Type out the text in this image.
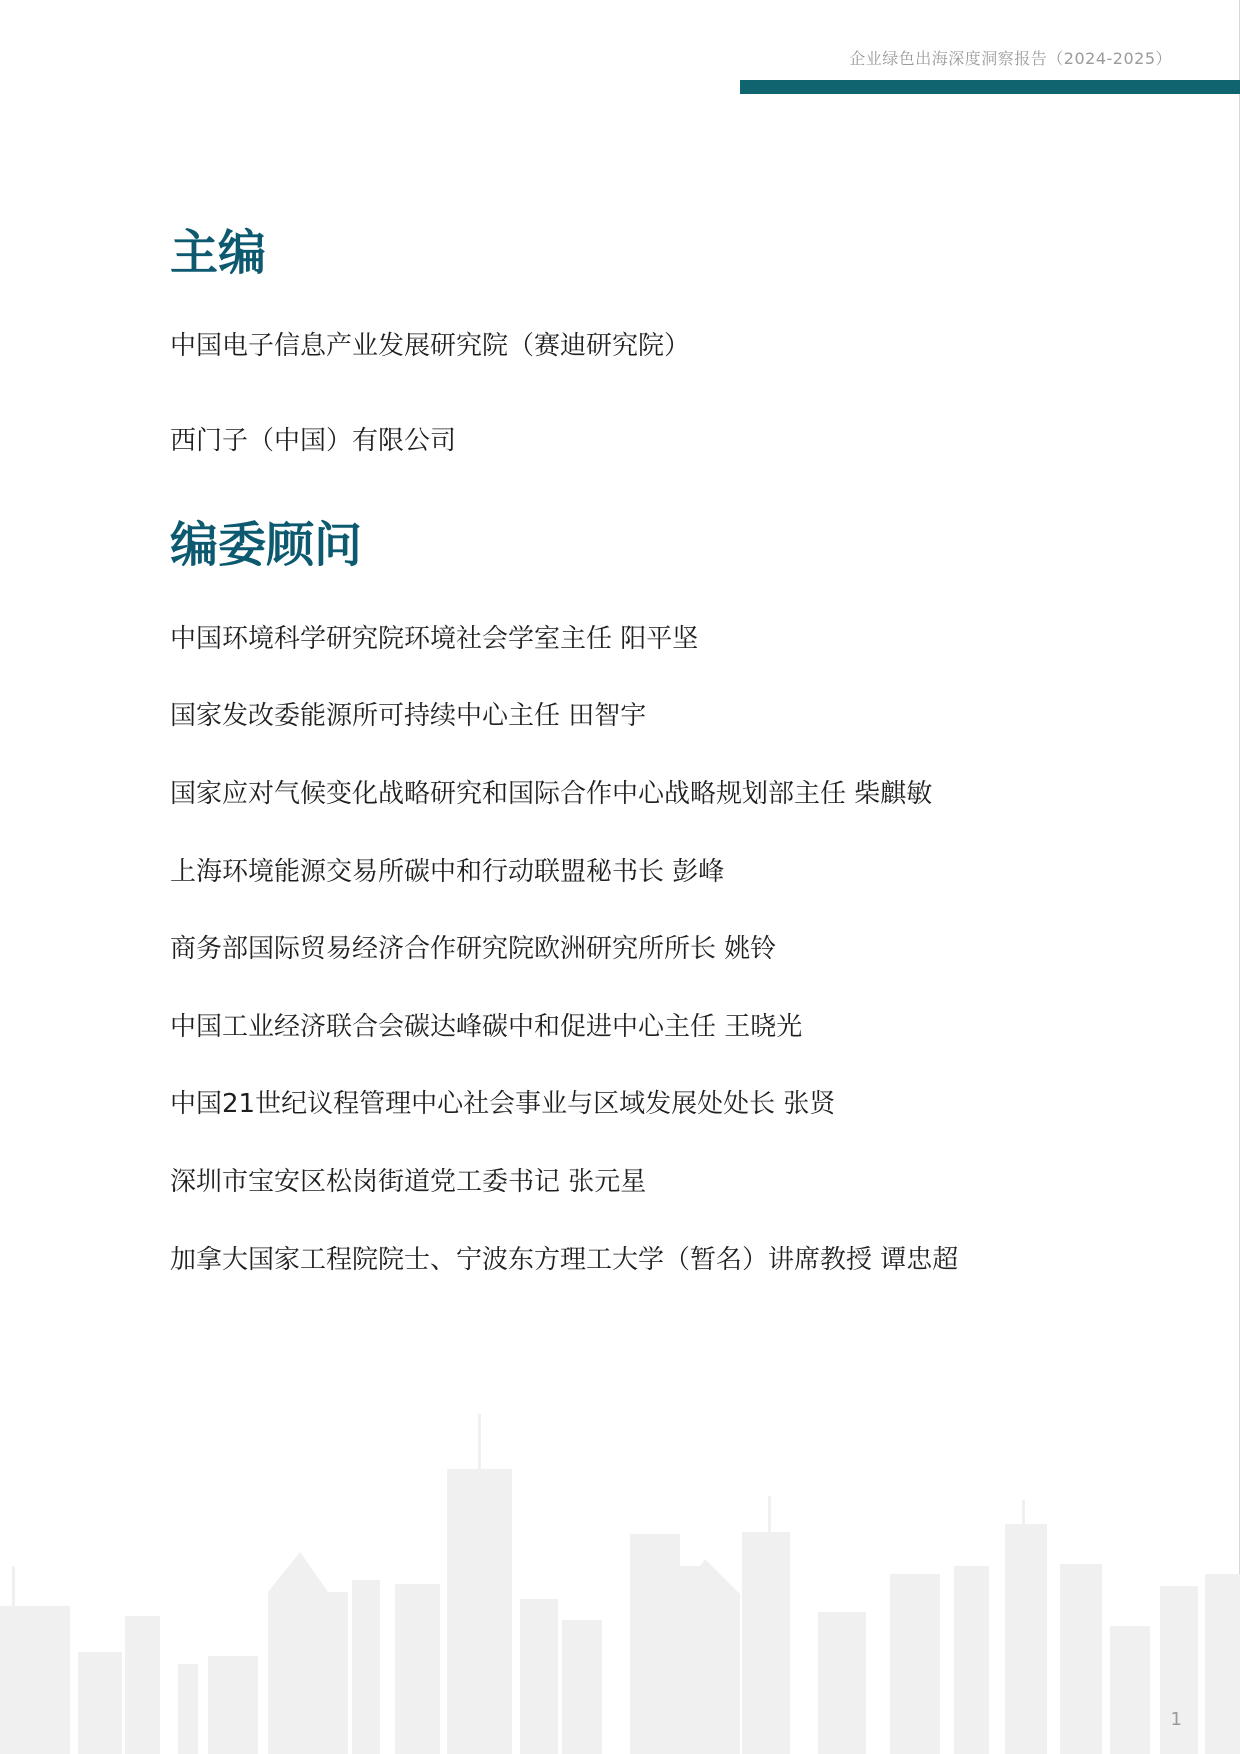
企业绿色出海深度洞察报告（2024-2025）
主编

中国电子信息产业发展研究院（赛迪研究院）

西门子（中国）有限公司

编委顾问

中国环境科学研究院环境社会学室主任 阳平坚

国家发改委能源所可持续中心主任 田智宇

国家应对气候变化战略研究和国际合作中心战略规划部主任 柴麒敏

上海环境能源交易所碳中和行动联盟秘书长 彭峰

商务部国际贸易经济合作研究院欧洲研究所所长 姚铃

中国工业经济联合会碳达峰碳中和促进中心主任 王晓光

中国21世纪议程管理中心社会事业与区域发展处处长 张贤

深圳市宝安区松岗街道党工委书记 张元星

加拿大国家工程院院士、宁波东方理工大学（暂名）讲席教授 谭忠超

1
